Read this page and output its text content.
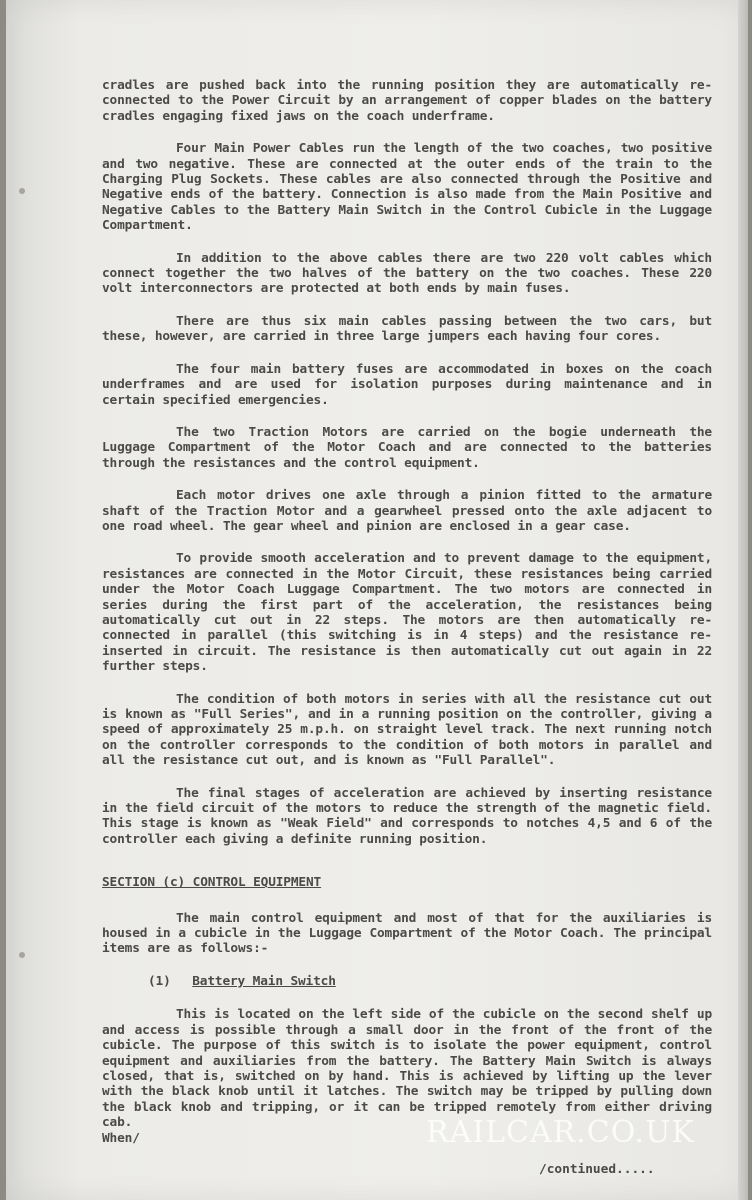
cradles are pushed back into the running position they are automatically re-connected to the Power Circuit by an arrangement of copper blades on the battery cradles engaging fixed jaws on the coach underframe.

Four Main Power Cables run the length of the two coaches, two positive and two negative. These are connected at the outer ends of the train to the Charging Plug Sockets. These cables are also connected through the Positive and Negative ends of the battery. Connection is also made from the Main Positive and Negative Cables to the Battery Main Switch in the Control Cubicle in the Luggage Compartment.

In addition to the above cables there are two 220 volt cables which connect together the two halves of the battery on the two coaches. These 220 volt interconnectors are protected at both ends by main fuses.

There are thus six main cables passing between the two cars, but these, however, are carried in three large jumpers each having four cores.

The four main battery fuses are accommodated in boxes on the coach underframes and are used for isolation purposes during maintenance and in certain specified emergencies.

The two Traction Motors are carried on the bogie underneath the Luggage Compartment of the Motor Coach and are connected to the batteries through the resistances and the control equipment.

Each motor drives one axle through a pinion fitted to the armature shaft of the Traction Motor and a gearwheel pressed onto the axle adjacent to one road wheel. The gear wheel and pinion are enclosed in a gear case.

To provide smooth acceleration and to prevent damage to the equipment, resistances are connected in the Motor Circuit, these resistances being carried under the Motor Coach Luggage Compartment. The two motors are connected in series during the first part of the acceleration, the resistances being automatically cut out in 22 steps. The motors are then automatically re-connected in parallel (this switching is in 4 steps) and the resistance re-inserted in circuit. The resistance is then automatically cut out again in 22 further steps.

The condition of both motors in series with all the resistance cut out is known as "Full Series", and in a running position on the controller, giving a speed of approximately 25 m.p.h. on straight level track. The next running notch on the controller corresponds to the condition of both motors in parallel and all the resistance cut out, and is known as "Full Parallel".

The final stages of acceleration are achieved by inserting resistance in the field circuit of the motors to reduce the strength of the magnetic field. This stage is known as "Weak Field" and corresponds to notches 4,5 and 6 of the controller each giving a definite running position.

SECTION (c) CONTROL EQUIPMENT

The main control equipment and most of that for the auxiliaries is housed in a cubicle in the Luggage Compartment of the Motor Coach. The principal items are as follows:-

(1) Battery Main Switch

This is located on the left side of the cubicle on the second shelf up and access is possible through a small door in the front of the front of the cubicle. The purpose of this switch is to isolate the power equipment, control equipment and auxiliaries from the battery. The Battery Main Switch is always closed, that is, switched on by hand. This is achieved by lifting up the lever with the black knob until it latches. The switch may be tripped by pulling down the black knob and tripping, or it can be tripped remotely from either driving cab.

When/	RAILCAR.CO.UK
/continued.....
